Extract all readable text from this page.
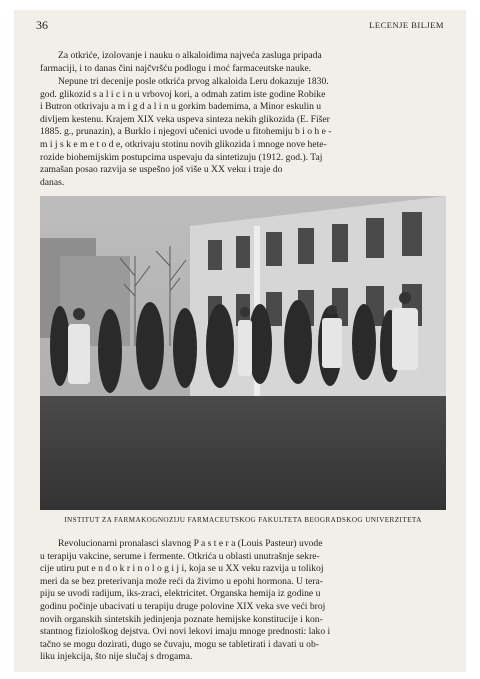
36	LECENJE BILJEM
Za otkriće, izolovanje i nauku o alkaloidima najveća zasluga pripada
farmaciji, i to danas čini najčvršću podlogu i moć farmaceutske nauke.
Nepune tri decenije posle otkrića prvog alkaloida Leru dokazuje 1830.
god. glikozid s a l i c i n u vrbovoj kori, a odmah zatim iste godine Robike
i Butron otkrivaju a m i g d a l i n u gorkim bademima, a Minor eskulin u
divljem kestenu. Krajem XIX veka uspeva sinteza nekih glikozida (E. Fišer
1885. g., prunazin), a Burklo i njegovi učenici uvode u fitohemiju b i o h e -
m i j s k e m e t o d e, otkrivaju stotinu novih glikozida i mnoge nove hete-
rozide biohemijskim postupcima uspevaju da sintetizuju (1912. god.). Taj
zamašan posao razvija se uspešno još više u XX veku i traje do
danas.
INSTITUT ZA FARMAKOGNOZIJU FARMACEUTSKOG FAKULTETA BEOGRADSKOG UNIVERZITETA
Revolucionarni pronalasci slavnog P a s t e r a (Louis Pasteur) uvode
u terapiju vakcine, serume i fermente. Otkrića u oblasti unutrašnje sekre-
cije utiru put e n d o k r i n o l o g i j i, koja se u XX veku razvija u tolikoj
meri da se bez preterivanja može reći da živimo u epohi hormona. U tera-
piju se uvodi radijum, iks-zraci, elektricitet. Organska hemija iz godine u
godinu počinje ubacivati u terapiju druge polovine XIX veka sve veći broj
novih organskih sintetskih jedinjenja poznate hemijske konstitucije i kon-
stantnog fiziološkog dejstva. Ovi novi lekovi imaju mnoge prednosti: lako i
tačno se mogu dozirati, dugo se čuvaju, mogu se tabletirati i davati u ob-
liku injekcija, što nije slučaj s drogama.
